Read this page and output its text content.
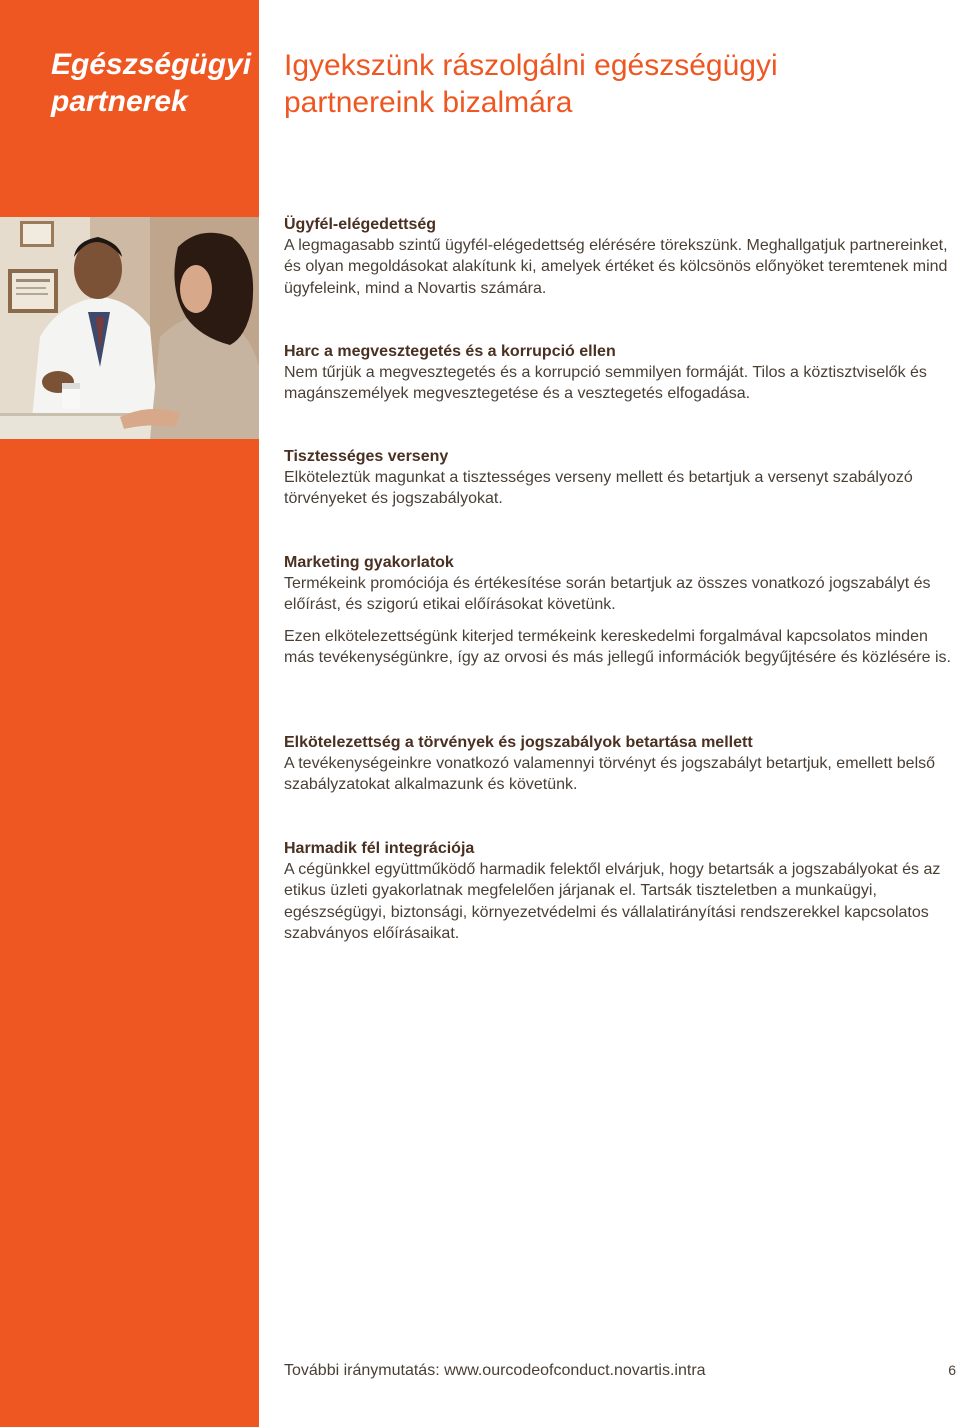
Egészségügyi partnerek
Igyekszünk rászolgálni egészségügyi partnereink bizalmára
Ügyfél-elégedettség

A legmagasabb szintű ügyfél-elégedettség elérésére törekszünk. Meghallgatjuk partnereinket, és olyan megoldásokat alakítunk ki, amelyek értéket és kölcsönös előnyöket teremtenek mind ügyfeleink, mind a Novartis számára.

Harc a megvesztegetés és a korrupció ellen

Nem tűrjük a megvesztegetés és a korrupció semmilyen formáját. Tilos a köztisztviselők és magánszemélyek megvesztegetése és a vesztegetés elfogadása.

Tisztességes verseny

Elköteleztük magunkat a tisztességes verseny mellett és betartjuk a versenyt szabályozó törvényeket és jogszabályokat.

Marketing gyakorlatok

Termékeink promóciója és értékesítése során betartjuk az összes vonatkozó jogszabályt és előírást, és szigorú etikai előírásokat követünk.

Ezen elkötelezettségünk kiterjed termékeink kereskedelmi forgalmával kapcsolatos minden más tevékenységünkre, így az orvosi és más jellegű információk begyűjtésére és közlésére is.

Elkötelezettség a törvények és jogszabályok betartása mellett

A tevékenységeinkre vonatkozó valamennyi törvényt és jogszabályt betartjuk, emellett belső szabályzatokat alkalmazunk és követünk.

Harmadik fél integrációja

A cégünkkel együttműködő harmadik felektől elvárjuk, hogy betartsák a jogszabályokat és az etikus üzleti gyakorlatnak megfelelően járjanak el. Tartsák tiszteletben a munkaügyi, egészségügyi, biztonsági, környezetvédelmi és vállalatirányítási rendszerekkel kapcsolatos szabványos előírásaikat.

További iránymutatás: www.ourcodeofconduct.novartis.intra	6
